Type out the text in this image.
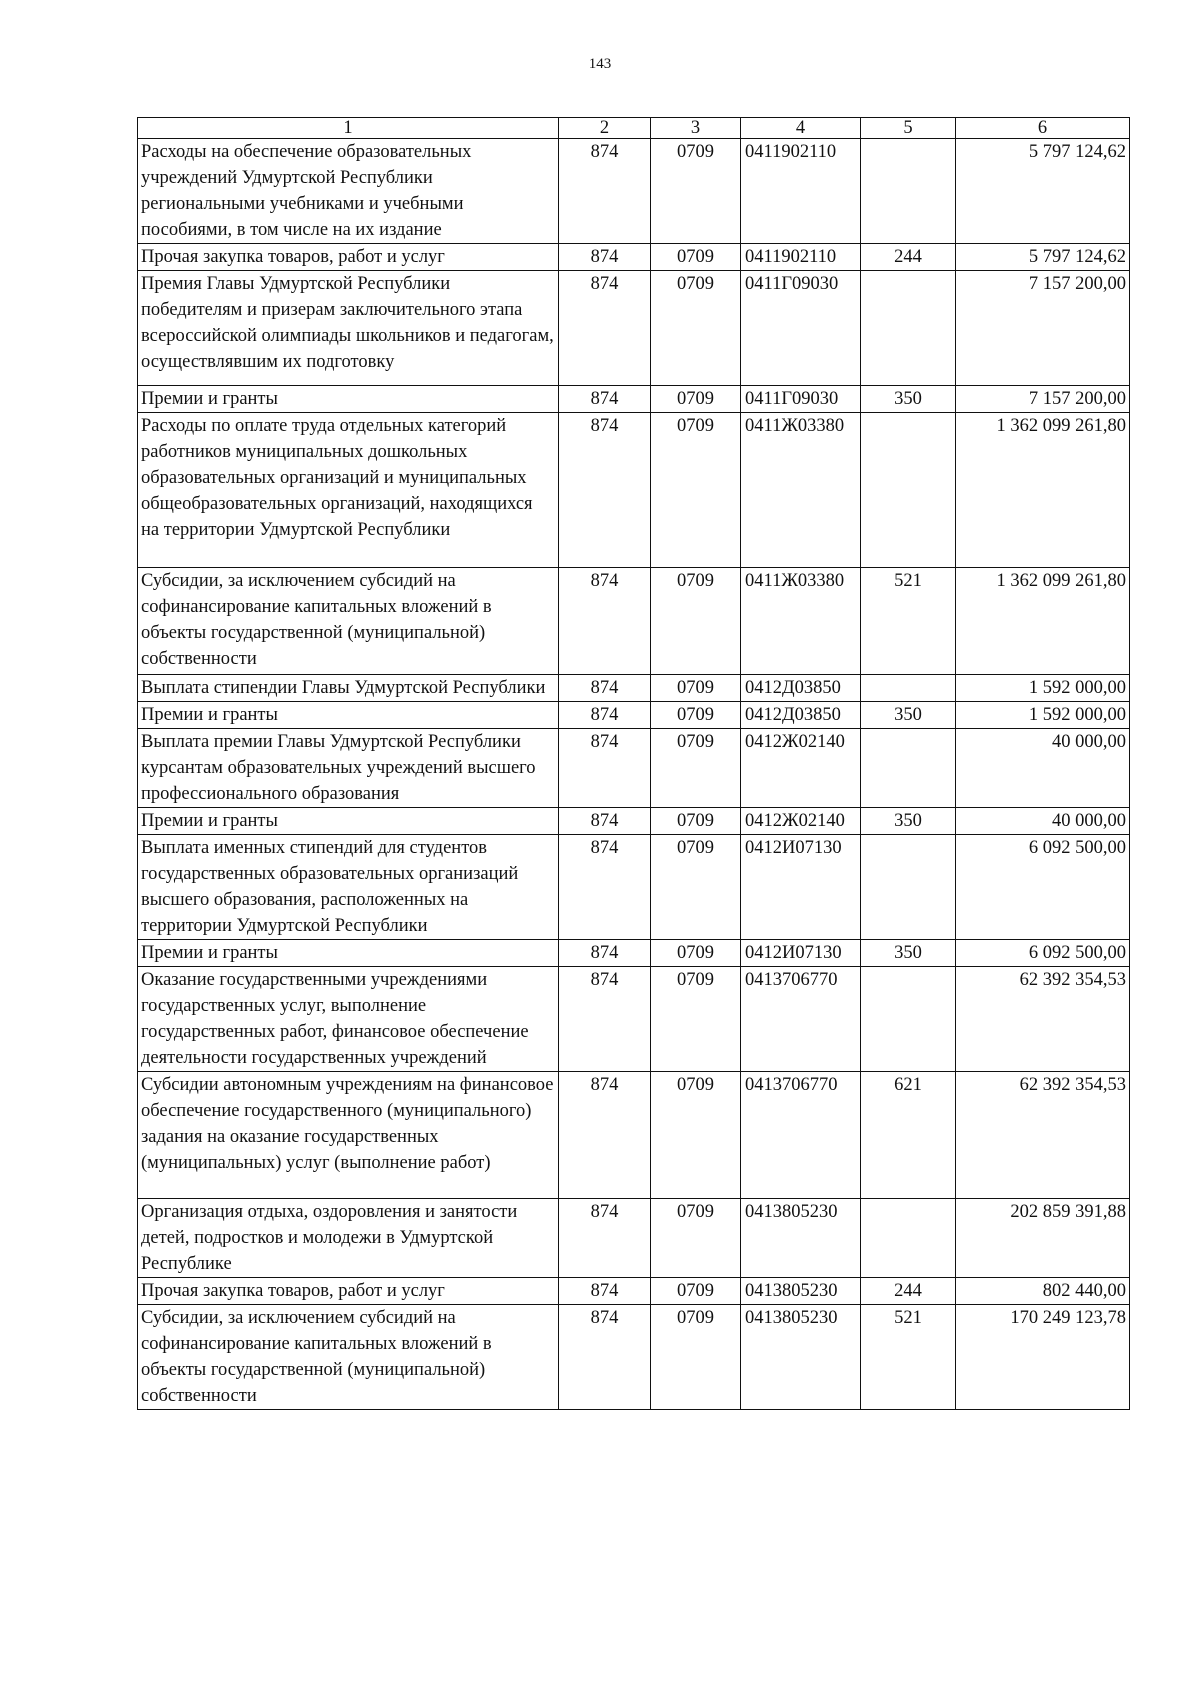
143
1	2	3	4	5	6
Расходы на обеспечение образовательных учреждений Удмуртской Республики региональными учебниками и учебными пособиями, в том числе на их издание	874	0709	0411902110		5 797 124,62
Прочая закупка товаров, работ и услуг	874	0709	0411902110	244	5 797 124,62
Премия Главы Удмуртской Республики победителям и призерам заключительного этапа всероссийской олимпиады школьников и педагогам, осуществлявшим их подготовку	874	0709	0411Г09030		7 157 200,00
Премии и гранты	874	0709	0411Г09030	350	7 157 200,00
Расходы по оплате труда отдельных категорий работников муниципальных дошкольных образовательных организаций и муниципальных общеобразовательных организаций, находящихся на территории Удмуртской Республики	874	0709	0411Ж03380		1 362 099 261,80
Субсидии, за исключением субсидий на софинансирование капитальных вложений в объекты государственной (муниципальной) собственности	874	0709	0411Ж03380	521	1 362 099 261,80
Выплата стипендии Главы Удмуртской Республики	874	0709	0412Д03850		1 592 000,00
Премии и гранты	874	0709	0412Д03850	350	1 592 000,00
Выплата премии Главы Удмуртской Республики курсантам образовательных учреждений высшего профессионального образования	874	0709	0412Ж02140		40 000,00
Премии и гранты	874	0709	0412Ж02140	350	40 000,00
Выплата именных стипендий для студентов государственных образовательных организаций высшего образования, расположенных на территории Удмуртской Республики	874	0709	0412И07130		6 092 500,00
Премии и гранты	874	0709	0412И07130	350	6 092 500,00
Оказание государственными учреждениями государственных услуг, выполнение государственных работ, финансовое обеспечение деятельности государственных учреждений	874	0709	0413706770		62 392 354,53
Субсидии автономным учреждениям на финансовое обеспечение государственного (муниципального) задания на оказание государственных (муниципальных) услуг (выполнение работ)	874	0709	0413706770	621	62 392 354,53
Организация отдыха, оздоровления и занятости детей, подростков и молодежи в Удмуртской Республике	874	0709	0413805230		202 859 391,88
Прочая закупка товаров, работ и услуг	874	0709	0413805230	244	802 440,00
Субсидии, за исключением субсидий на софинансирование капитальных вложений в объекты государственной (муниципальной) собственности	874	0709	0413805230	521	170 249 123,78
